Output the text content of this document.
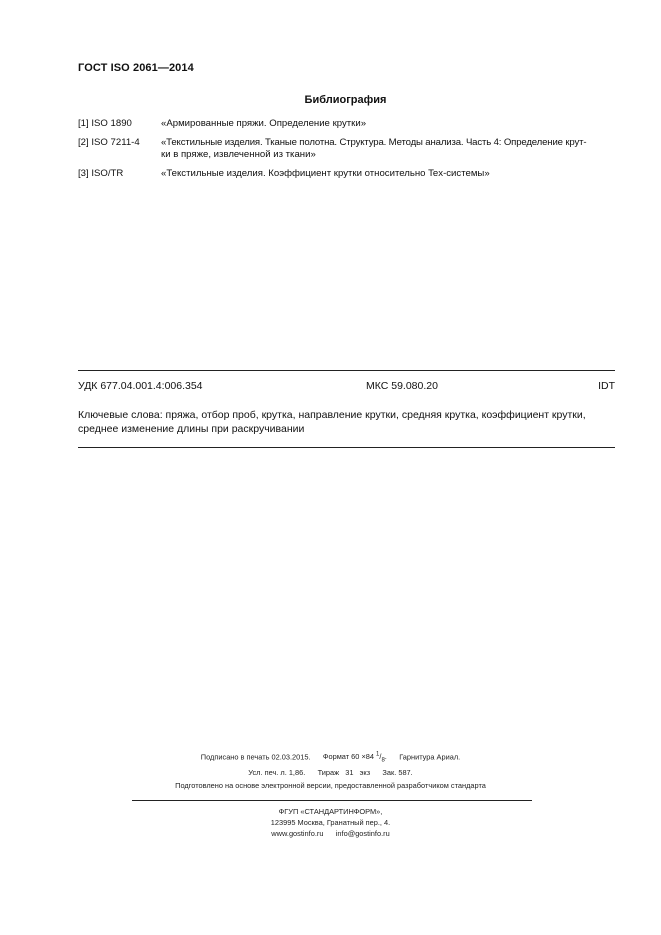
ГОСТ ISO 2061—2014
Библиография
[1] ISO 1890	«Армированные пряжи. Определение крутки»
[2] ISO 7211-4 «Текстильные изделия. Тканые полотна. Структура. Методы анализа. Часть 4: Определение крут-
ки в пряже, извлеченной из ткани»
[3] ISO/TR	«Текстильные изделия. Коэффициент крутки относительно Tex-системы»
УДК 677.04.001.4:006.354	МКС 59.080.20	IDT
Ключевые слова: пряжа, отбор проб, крутка, направление крутки, средняя крутка, коэффициент крутки, среднее изменение длины при раскручивании
Подписано в печать 02.03.2015. Формат 60 ×84 $^1/_8$. Гарнитура Ариал.
Усл. печ. л. 1,86. Тираж   31   экз Зак. 587.
Подготовлено на основе электронной версии, предоставленной разработчиком стандарта
ФГУП «СТАНДАРТИНФОРМ»,
123995 Москва, Гранатный пер., 4.
www.gostinfo.ru info@gostinfo.ru
